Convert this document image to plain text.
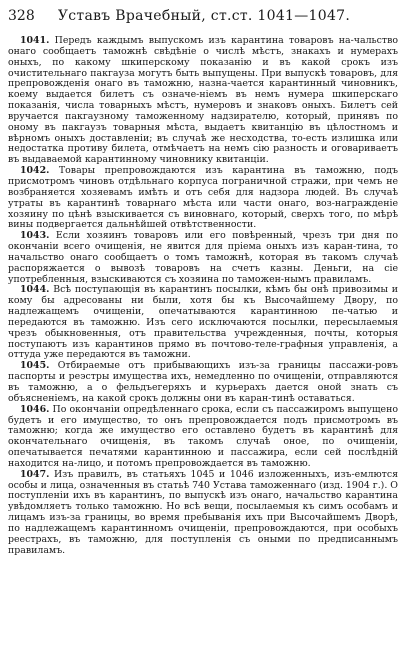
328	Уставъ Врачебный, ст.ст. 1041—1047.

1041. Передъ каждымъ выпускомъ изъ карантина товаровъ на-чальство онаго сообщаетъ таможнѣ свѣдѣніе о числѣ мѣстъ, знакахъ и нумерахъ оныхъ, по какому шкиперскому показанію и въ какой срокъ изъ очистительнаго пакгауза могутъ быть выпущены. При выпускѣ товаровъ, для препровожденія онаго въ таможню, назна-чается карантинный чиновникъ, коему выдается билетъ съ означе-ніемъ въ немъ нумера шкиперскаго показанія, числа товарныхъ мѣстъ, нумеровъ и знаковъ оныхъ. Билетъ сей вручается пакгаузному таможенному надзирателю, который, принявъ по оному въ пакгаузъ товарныя мѣста, выдаетъ квитанцію въ цѣлостномъ и вѣрномъ оныхъ доставленіи; въ случаѣ же несходства, то-есть излишка или недостатка противу билета, отмѣчаетъ на немъ сію разность и оговариваетъ въ выдаваемой карантинному чиновнику квитанціи.

1042. Товары препровождаются изъ карантина въ таможню, подъ присмотромъ чиновъ отдѣльнаго корпуса пограничной стражи, при чемъ не возбраняется хозяевамъ имѣть и отъ себя для надзора людей. Въ случаѣ утраты въ карантинѣ товарнаго мѣста или части онаго, воз-награжденіе хозяину по цѣнѣ взыскивается съ виновнаго, который, сверхъ того, по мѣрѣ вины подвергается дальнѣйшей отвѣтственности.

1043. Если хозяинъ товаровъ или его повѣренный, чрезъ три дня по окончаніи всего очищенія, не явится для пріема оныхъ изъ каран-тина, то начальство онаго сообщаетъ о томъ таможнѣ, которая въ такомъ случаѣ распоряжается о вывозѣ товаровъ на счетъ казны. Деньги, на сіе употребленныя, взыскиваются съ хозяина по таможен-нымъ правиламъ.

1044. Всѣ поступающія въ карантинъ посылки, кѣмъ бы онѣ привозимы и кому бы адресованы ни были, хотя бы къ Высочайшему Двору, по надлежащемъ очищеніи, опечатываются карантинною пе-чатью и передаются въ таможню. Изъ сего исключаются посылки, пересылаемыя чрезъ обыкновенныя, отъ правительства учрежденныя, почты, которыя поступаютъ изъ карантинов прямо въ почтово-теле-графныя управленія, а оттуда уже передаются въ таможни.

1045. Отбираемые отъ прибывающихъ изъ-за границы пассажи-ровъ паспорты и реэстры имущества ихъ, немедленно по очищеніи, отправляются въ таможню, а о фельдъегеряхъ и курьерахъ дается оной знать съ объясненіемъ, на какой срокъ должны они въ каран-тинѣ оставаться.

1046. По окончаніи опредѣленнаго срока, если съ пассажиромъ выпущено будетъ и его имущество, то онъ препровождается подъ присмотромъ въ таможню; когда же имущество его оставлено будетъ въ карантинѣ для окончательнаго очищенія, въ такомъ случаѣ оное, по очищеніи, опечатывается печатями карантинною и пассажира, если сей послѣдній находится на-лицо, и потомъ препровождается въ таможню.

1047. Изъ правилъ, въ статьяхъ 1045 и 1046 изложенныхъ, изъ-емлются особы и лица, означенныя въ статьѣ 740 Устава таможеннаго (изд. 1904 г.). О поступленіи ихъ въ карантинъ, по выпускѣ изъ онаго, начальство карантина увѣдомляетъ только таможню. Но всѣ вещи, посылаемыя къ симъ особамъ и лицамъ изъ-за границы, во время пребыванія ихъ при Высочайшемъ Дворѣ, по надлежащемъ карантинномъ очищеніи, препровождаются, при особыхъ реестрахъ, въ таможню, для поступленія съ оными по предписаннымъ правиламъ.
